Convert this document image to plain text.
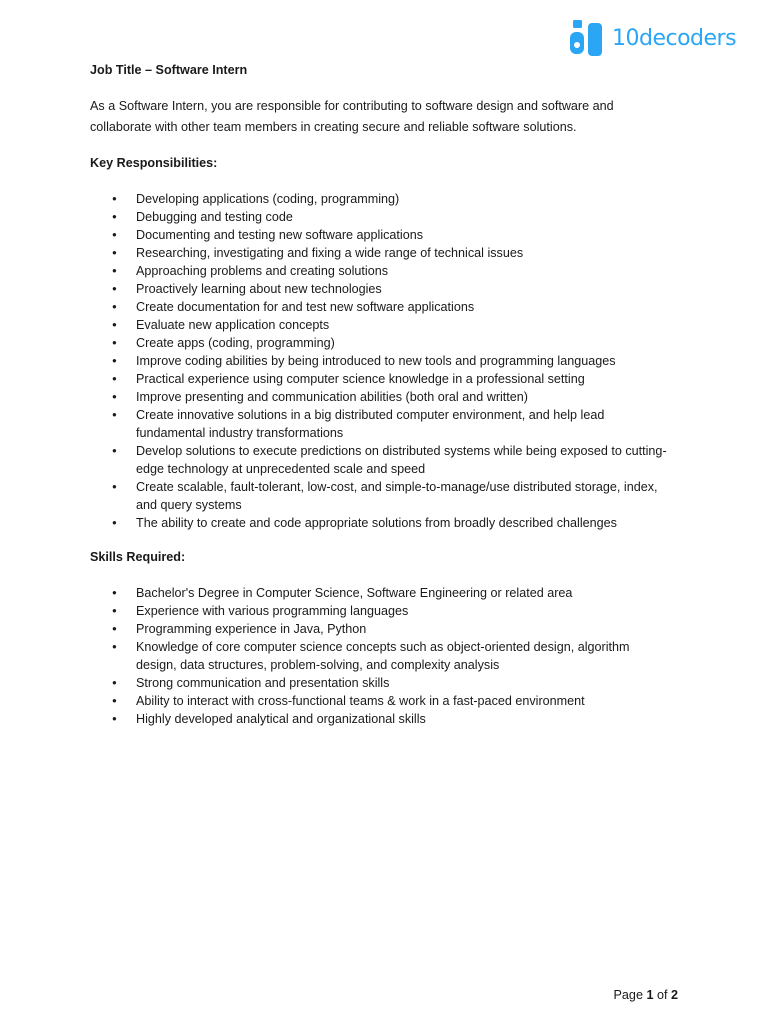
10decoders

Job Title – Software Intern

As a Software Intern, you are responsible for contributing to software design and software and collaborate with other team members in creating secure and reliable software solutions.

Key Responsibilities:

● Developing applications (coding, programming)
● Debugging and testing code
● Documenting and testing new software applications
● Researching, investigating and fixing a wide range of technical issues
● Approaching problems and creating solutions
● Proactively learning about new technologies
● Create documentation for and test new software applications
● Evaluate new application concepts
● Create apps (coding, programming)
● Improve coding abilities by being introduced to new tools and programming languages
● Practical experience using computer science knowledge in a professional setting
● Improve presenting and communication abilities (both oral and written)
● Create innovative solutions in a big distributed computer environment, and help lead fundamental industry transformations
● Develop solutions to execute predictions on distributed systems while being exposed to cutting-edge technology at unprecedented scale and speed
● Create scalable, fault-tolerant, low-cost, and simple-to-manage/use distributed storage, index, and query systems
● The ability to create and code appropriate solutions from broadly described challenges

Skills Required:

● Bachelor's Degree in Computer Science, Software Engineering or related area
● Experience with various programming languages
● Programming experience in Java, Python
● Knowledge of core computer science concepts such as object-oriented design, algorithm design, data structures, problem-solving, and complexity analysis
● Strong communication and presentation skills
● Ability to interact with cross-functional teams & work in a fast-paced environment
● Highly developed analytical and organizational skills
Page 1 of 2
